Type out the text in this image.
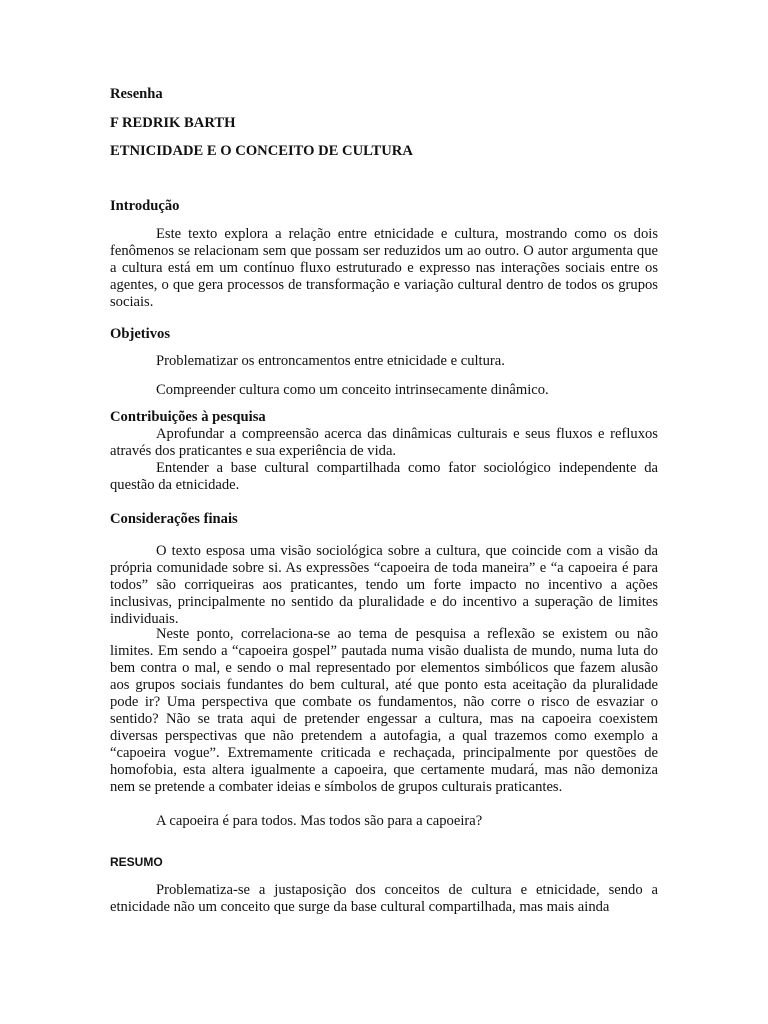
Resenha
F REDRIK BARTH
ETNICIDADE E O CONCEITO DE CULTURA
Introdução

Este texto explora a relação entre etnicidade e cultura, mostrando como os dois fenômenos se relacionam sem que possam ser reduzidos um ao outro. O autor argumenta que a cultura está em um contínuo fluxo estruturado e expresso nas interações sociais entre os agentes, o que gera processos de transformação e variação cultural dentro de todos os grupos sociais.

Objetivos
Problematizar os entroncamentos entre etnicidade e cultura.
Compreender cultura como um conceito intrinsecamente dinâmico.
Contribuições à pesquisa

Aprofundar a compreensão acerca das dinâmicas culturais e seus fluxos e refluxos através dos praticantes e sua experiência de vida.

Entender a base cultural compartilhada como fator sociológico independente da questão da etnicidade.

Considerações finais

O texto esposa uma visão sociológica sobre a cultura, que coincide com a visão da própria comunidade sobre si. As expressões “capoeira de toda maneira” e “a capoeira é para todos” são corriqueiras aos praticantes, tendo um forte impacto no incentivo a ações inclusivas, principalmente no sentido da pluralidade e do incentivo a superação de limites individuais.

Neste ponto, correlaciona-se ao tema de pesquisa a reflexão se existem ou não limites. Em sendo a “capoeira gospel” pautada numa visão dualista de mundo, numa luta do bem contra o mal, e sendo o mal representado por elementos simbólicos que fazem alusão aos grupos sociais fundantes do bem cultural, até que ponto esta aceitação da pluralidade pode ir? Uma perspectiva que combate os fundamentos, não corre o risco de esvaziar o sentido? Não se trata aqui de pretender engessar a cultura, mas na capoeira coexistem diversas perspectivas que não pretendem a autofagia, a qual trazemos como exemplo a “capoeira vogue”. Extremamente criticada e rechaçada, principalmente por questões de homofobia, esta altera igualmente a capoeira, que certamente mudará, mas não demoniza nem se pretende a combater ideias e símbolos de grupos culturais praticantes.

A capoeira é para todos. Mas todos são para a capoeira?

RESUMO

Problematiza-se a justaposição dos conceitos de cultura e etnicidade, sendo a etnicidade não um conceito que surge da base cultural compartilhada, mas mais ainda
